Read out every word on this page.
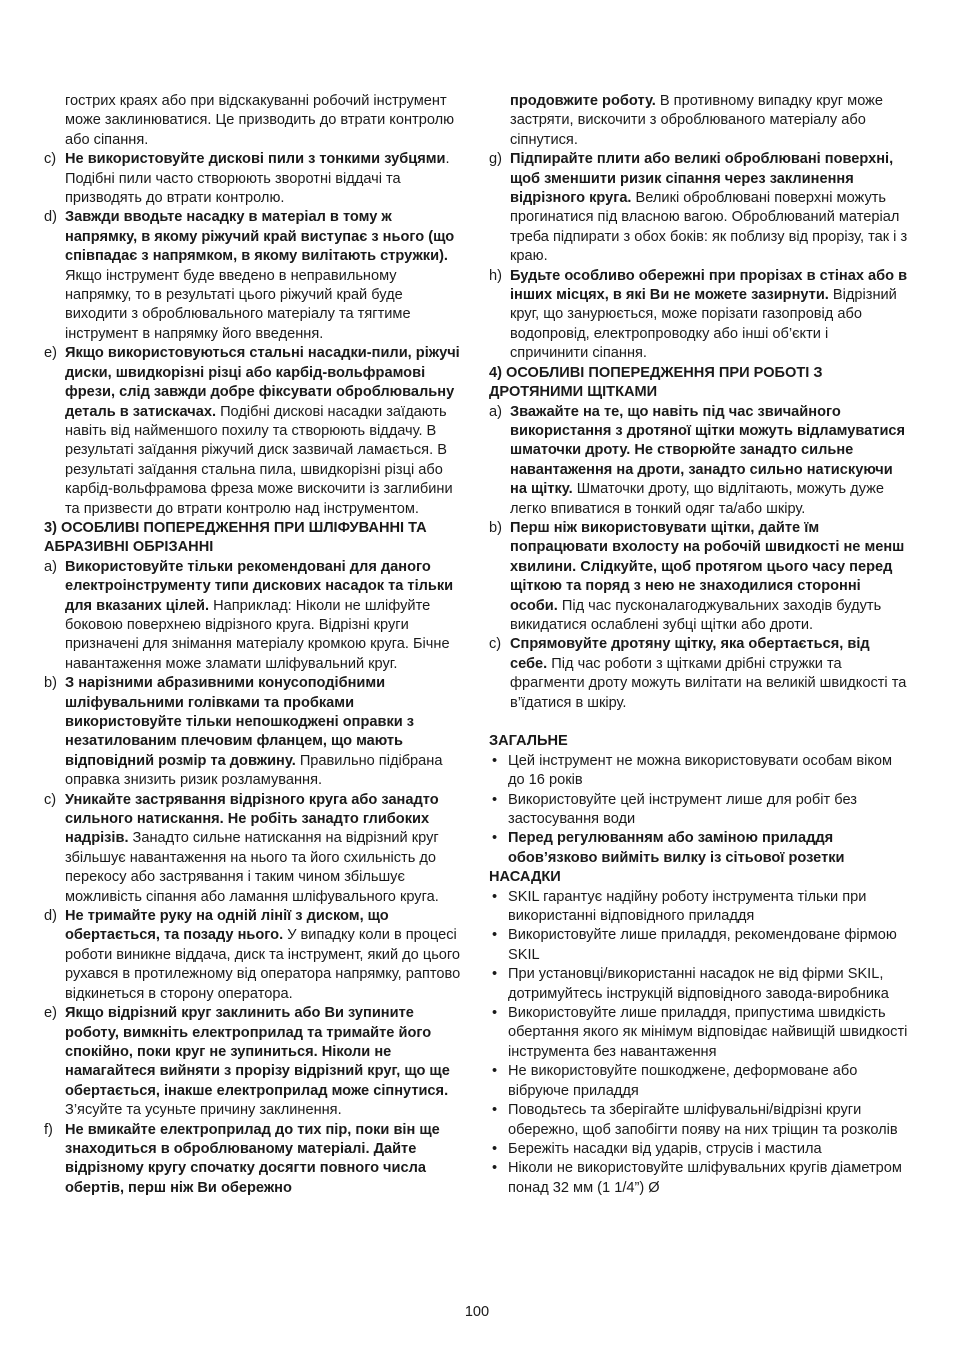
гострих краях або при відскакуванні робочий інструмент може заклинюватися. Це призводить до втрати контролю або сіпання.

c) Не використовуйте дискові пили з тонкими зубцями. Подібні пили часто створюють зворотні віддачі та призводять до втрати контролю.
d) Завжди вводьте насадку в матеріал в тому ж напрямку, в якому ріжучий край виступає з нього (що співпадає з напрямком, в якому вилітають стружки). Якщо інструмент буде введено в неправильному напрямку, то в результаті цього ріжучий край буде виходити з оброблювального матеріалу та тягтиме інструмент в напрямку його введення.
e) Якщо використовуються стальні насадки-пили, ріжучі диски, швидкорізні різці або карбід-вольфрамові фрези, слід завжди добре фіксувати оброблювальну деталь в затискачах. Подібні дискові насадки заїдають навіть від найменшого похилу та створюють віддачу. В результаті заїдання ріжучий диск зазвичай ламається. В результаті заїдання стальна пила, швидкорізні різці або карбід-вольфрамова фреза може вискочити із заглибини та призвести до втрати контролю над інструментом.

3) ОСОБЛИВІ ПОПЕРЕДЖЕННЯ ПРИ ШЛІФУВАННІ ТА АБРАЗИВНІ ОБРІЗАННІ

a) Використовуйте тільки рекомендовані для даного електроінструменту типи дискових насадок та тільки для вказаних цілей. Наприклад: Ніколи не шліфуйте боковою поверхнею відрізного круга. Відрізні круги призначені для знімання матеріалу кромкою круга. Бічне навантаження може зламати шліфувальний круг.
b) З нарізними абразивними конусоподібними шліфувальними голівками та пробками використовуйте тільки непошкоджені оправки з незатилованим плечовим фланцем, що мають відповідний розмір та довжину. Правильно підібрана оправка знизить ризик розламування.
c) Уникайте застрявання відрізного круга або занадто сильного натискання. Не робіть занадто глибоких надрізів. Занадто сильне натискання на відрізний круг збільшує навантаження на нього та його схильність до перекосу або застрявання і таким чином збільшує можливість сіпання або ламання шліфувального круга.
d) Не тримайте руку на одній лінії з диском, що обертається, та позаду нього. У випадку коли в процесі роботи виникне віддача, диск та інструмент, який до цього рухався в протилежному від оператора напрямку, раптово відкинеться в сторону оператора.
e) Якщо відрізний круг заклинить або Ви зупините роботу, вимкніть електроприлад та тримайте його спокійно, поки круг не зупиниться. Ніколи не намагайтеся вийняти з прорізу відрізний круг, що ще обертається, інакше електроприлад може сіпнутися. З’ясуйте та усуньте причину заклинення.
f) Не вмикайте електроприлад до тих пір, поки він ще знаходиться в оброблюваному матеріалі. Дайте відрізному кругу спочатку досягти повного числа обертів, перш ніж Ви обережно

продовжите роботу. В противному випадку круг може застряти, вискочити з оброблюваного матеріалу або сіпнутися.

g) Підпирайте плити або великі оброблювані поверхні, щоб зменшити ризик сіпання через заклинення відрізного круга. Великі оброблювані поверхні можуть прогинатися під власною вагою. Оброблюваний матеріал треба підпирати з обох боків: як поблизу від прорізу, так і з краю.
h) Будьте особливо обережні при прорізах в стінах або в інших місцях, в які Ви не можете зазирнути. Відрізний круг, що занурюється, може порізати газопровід або водопровід, електропроводку або інші об’єкти і спричинити сіпання.

4) ОСОБЛИВІ ПОПЕРЕДЖЕННЯ ПРИ РОБОТІ З ДРОТЯНИМИ ЩІТКАМИ

a) Зважайте на те, що навіть під час звичайного використання з дротяної щітки можуть відламуватися шматочки дроту. Не створюйте занадто сильне навантаження на дроти, занадто сильно натискуючи на щітку. Шматочки дроту, що відлітають, можуть дуже легко впиватися в тонкий одяг та/або шкіру.
b) Перш ніж використовувати щітки, дайте їм попрацювати вхолосту на робочій швидкості не менш хвилини. Слідкуйте, щоб протягом цього часу перед щіткою та поряд з нею не знаходилися сторонні особи. Під час пусконалагоджувальних заходів будуть викидатися ослаблені зубці щітки або дроти.
c) Спрямовуйте дротяну щітку, яка обертається, від себе. Під час роботи з щітками дрібні стружки та фрагменти дроту можуть вилітати на великій швидкості та в’їдатися в шкіру.

ЗАГАЛЬНЕ

• Цей інструмент не можна використовувати особам віком до 16 років
• Використовуйте цей інструмент лише для робіт без застосування води
• Перед регулюванням або заміною приладдя обов’язково вийміть вилку із сітьової розетки

НАСАДКИ

• SKIL гарантує надійну роботу інструмента тільки при використанні відповідного приладдя
• Використовуйте лише приладдя, рекомендоване фірмою SKIL
• При установці/використанні насадок не від фірми SKIL, дотримуйтесь інструкцій відповідного завода-виробника
• Використовуйте лише приладдя, припустима швидкість обертання якого як мінімум відповідає найвищій швидкості інструмента без навантаження
• Не використовуйте пошкоджене, деформоване або вібруюче приладдя
• Поводьтесь та зберігайте шліфувальні/відрізні круги обережно, щоб запобігти появу на них тріщин та розколів
• Бережіть насадки від ударів, струсів і мастила
• Ніколи не використовуйте шліфувальних кругів діаметром понад 32 мм (1 1/4”) Ø
100
